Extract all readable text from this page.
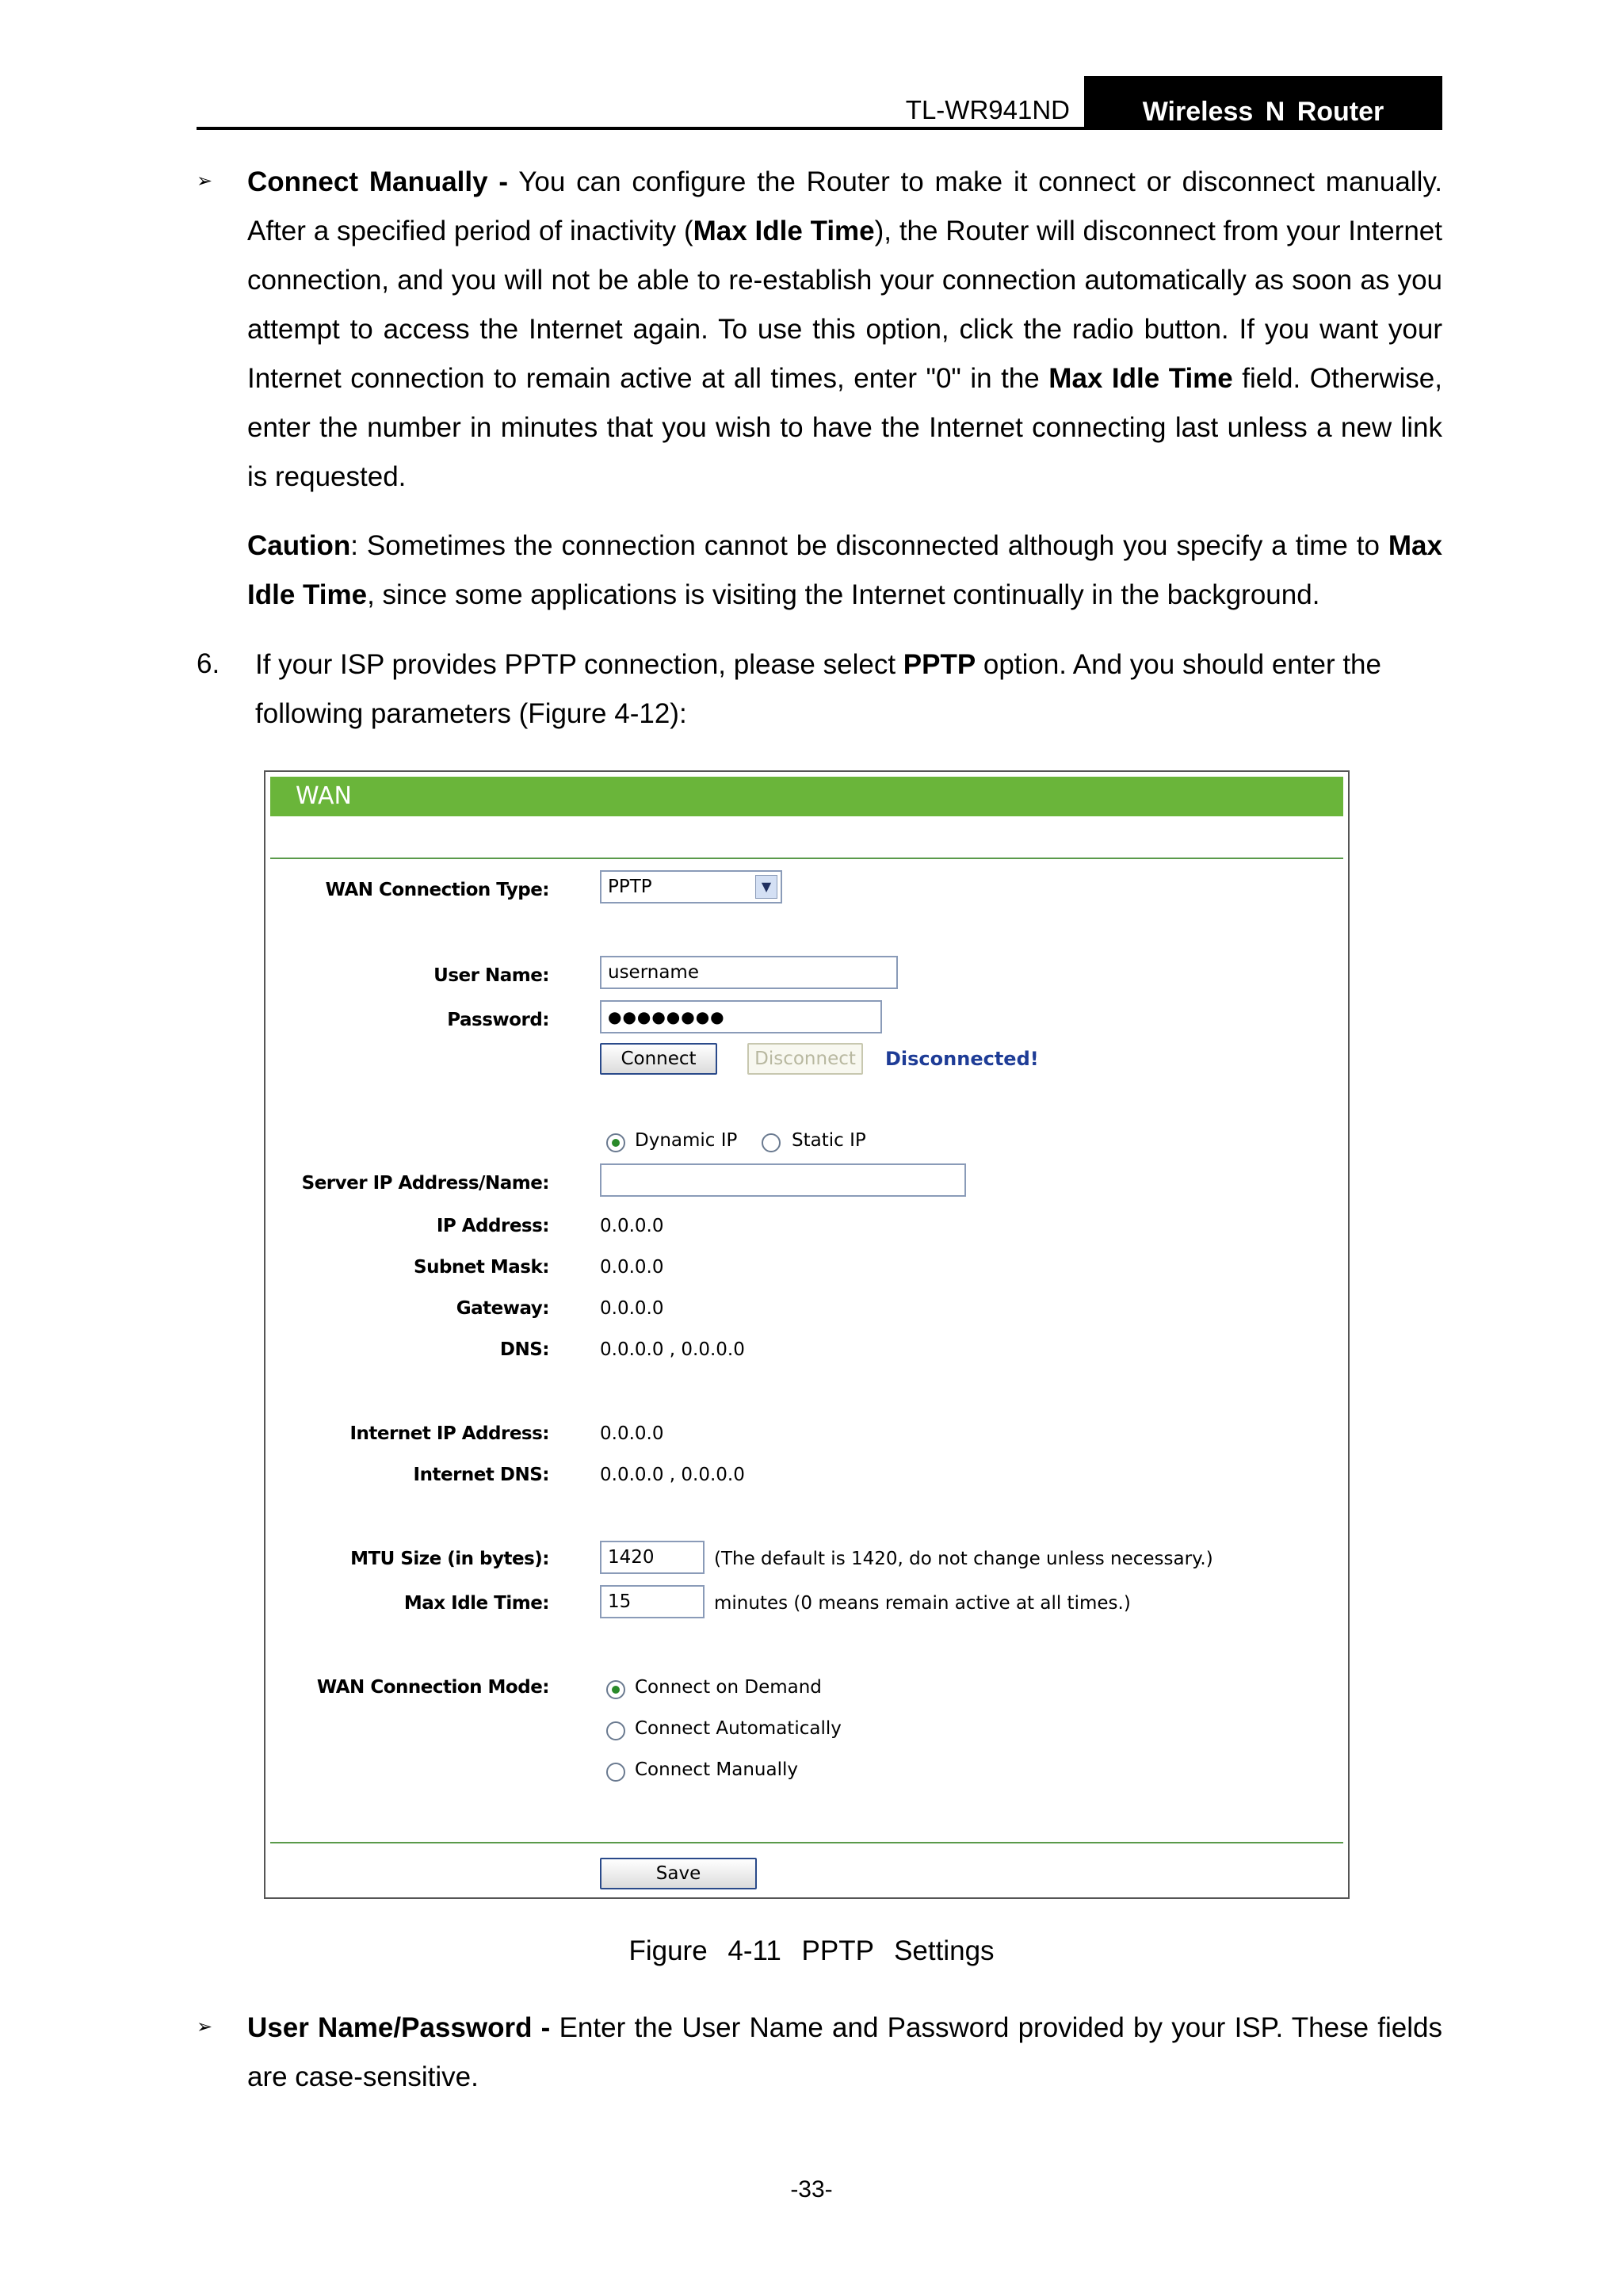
TL-WR941ND	Wireless N Router
➢ Connect Manually - You can configure the Router to make it connect or disconnect manually. After a specified period of inactivity (Max Idle Time), the Router will disconnect from your Internet connection, and you will not be able to re-establish your connection automatically as soon as you attempt to access the Internet again. To use this option, click the radio button. If you want your Internet connection to remain active at all times, enter "0" in the Max Idle Time field. Otherwise, enter the number in minutes that you wish to have the Internet connecting last unless a new link is requested.
Caution: Sometimes the connection cannot be disconnected although you specify a time to Max Idle Time, since some applications is visiting the Internet continually in the background.
6. If your ISP provides PPTP connection, please select PPTP option. And you should enter the following parameters (Figure 4-12):
WAN
WAN Connection Type:	PPTP	▼
User Name:	username
Password:	●●●●●●●●
Connect	Disconnect	Disconnected!
Dynamic IP	Static IP
Server IP Address/Name:
IP Address:	0.0.0.0
Subnet Mask:	0.0.0.0
Gateway:	0.0.0.0
DNS:	0.0.0.0 , 0.0.0.0
Internet IP Address:	0.0.0.0
Internet DNS:	0.0.0.0 , 0.0.0.0
MTU Size (in bytes):	1420	(The default is 1420, do not change unless necessary.)
Max Idle Time:	15	minutes (0 means remain active at all times.)
WAN Connection Mode:	Connect on Demand
Connect Automatically
Connect Manually
Save
Figure 4-11 PPTP Settings
➢ User Name/Password - Enter the User Name and Password provided by your ISP. These fields are case-sensitive.
-33-
